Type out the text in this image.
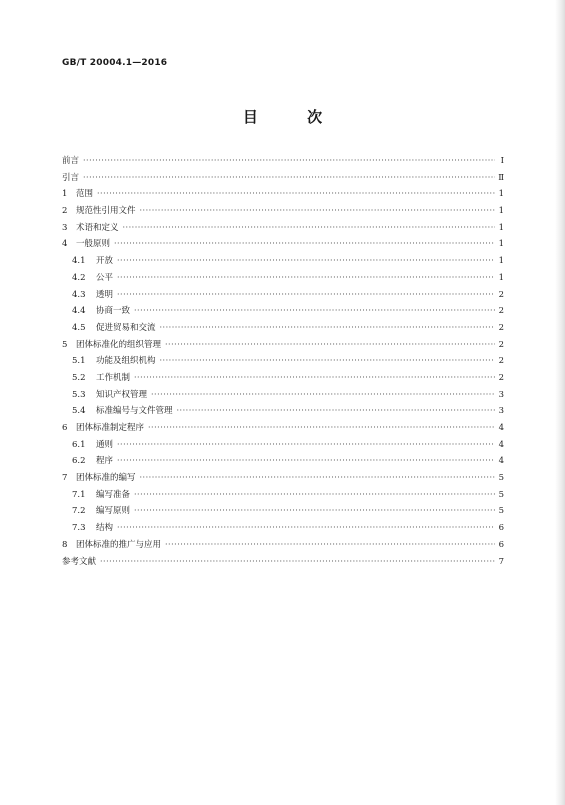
GB/T 20004.1—2016
目 次
前言 ·····	Ⅰ
引言 ·····	Ⅱ
1	范围 ·····	1
2	规范性引用文件 ·····	1
3	术语和定义 ·····	1
4	一般原则 ·····	1
4.1	开放 ·····	1
4.2	公平 ·····	1
4.3	透明 ·····	2
4.4	协商一致 ·····	2
4.5	促进贸易和交流 ·····	2
5	团体标准化的组织管理 ·····	2
5.1	功能及组织机构 ·····	2
5.2	工作机制 ·····	2
5.3	知识产权管理 ·····	3
5.4	标准编号与文件管理 ·····	3
6	团体标准制定程序 ·····	4
6.1	通则 ·····	4
6.2	程序 ·····	4
7	团体标准的编写 ·····	5
7.1	编写准备 ·····	5
7.2	编写原则 ·····	5
7.3	结构 ·····	6
8	团体标准的推广与应用 ·····	6
参考文献 ·····	7
